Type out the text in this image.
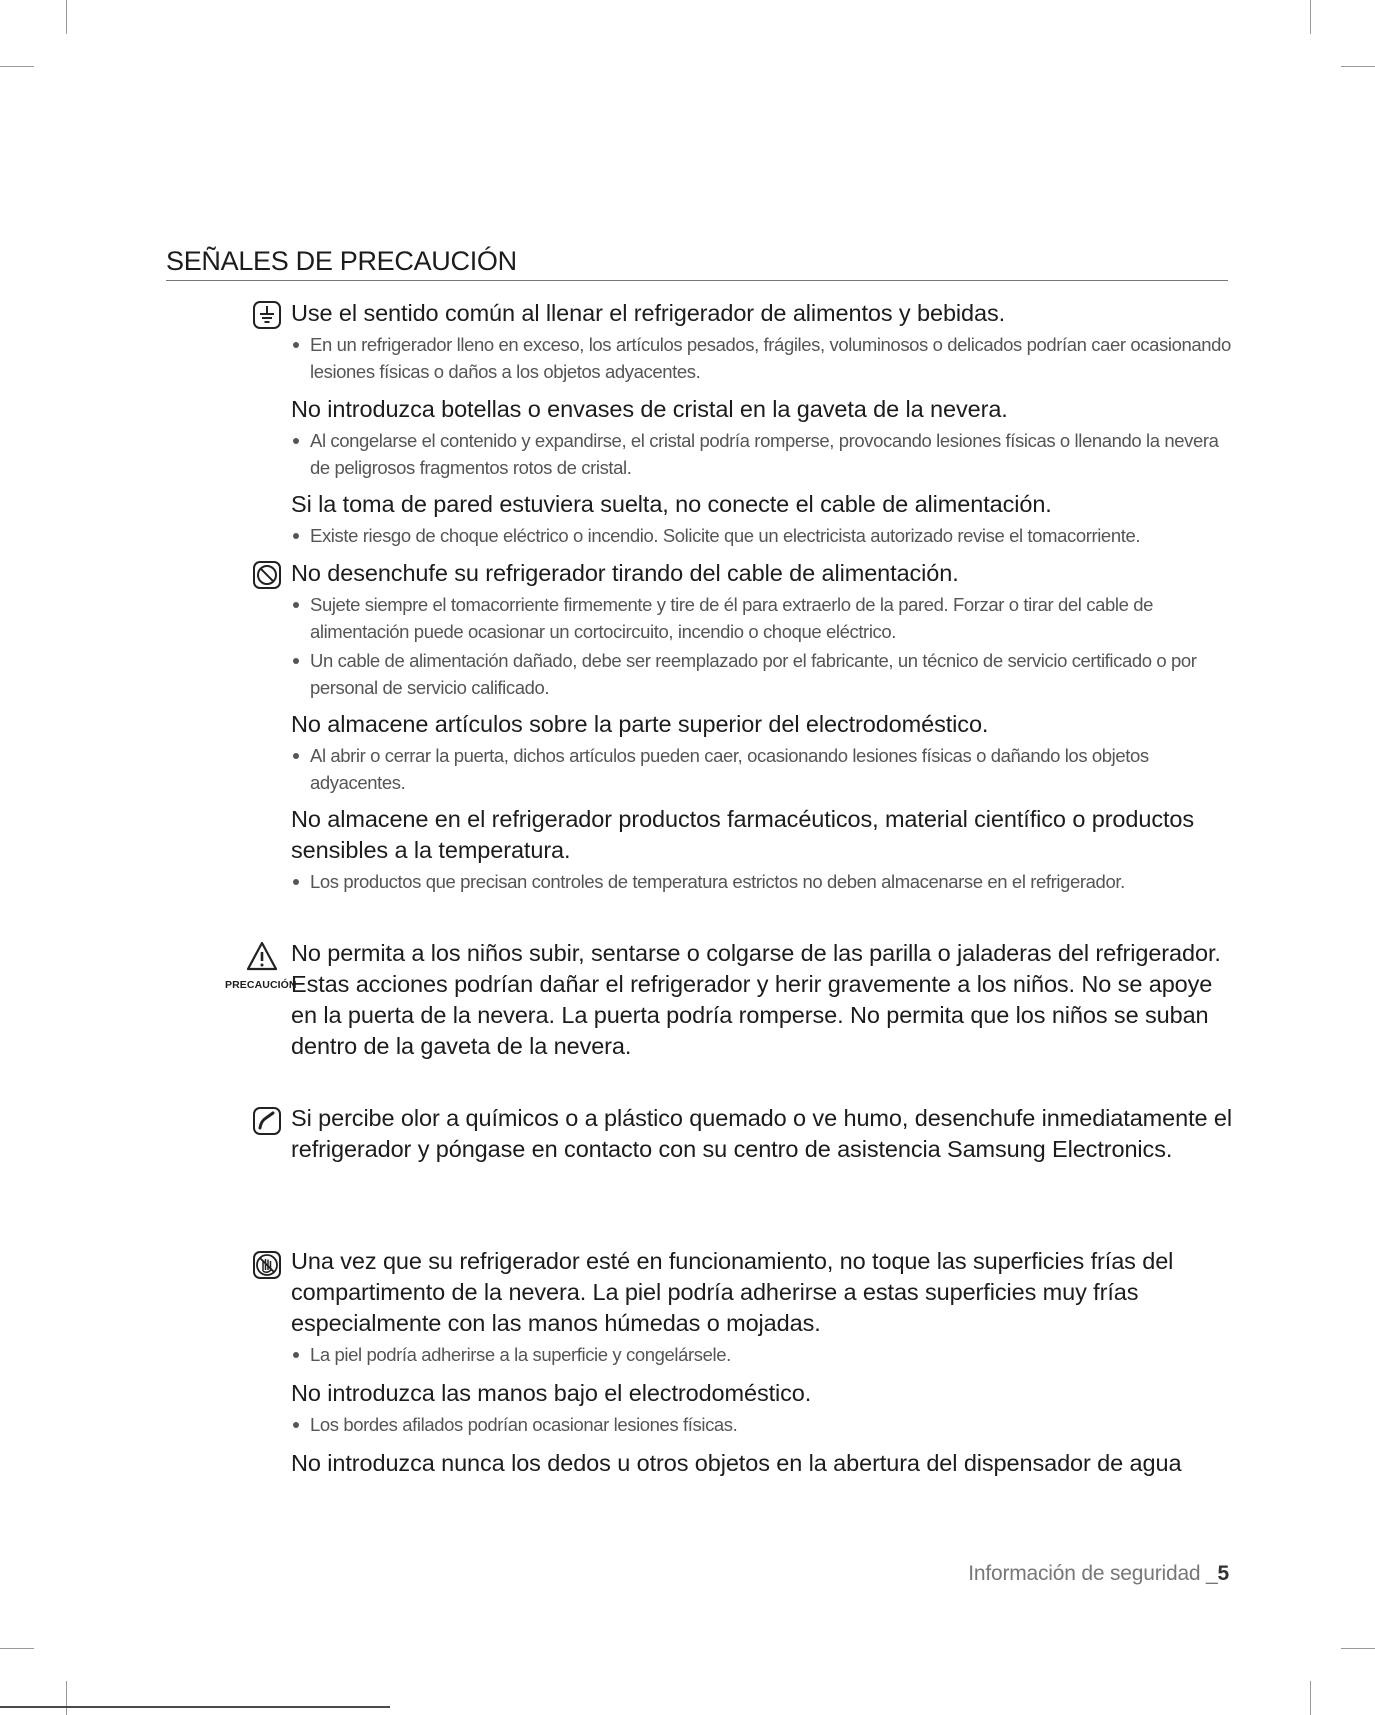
SEÑALES DE PRECAUCIÓN
PRECAUCIÓN

Use el sentido común al llenar el refrigerador de alimentos y bebidas.

En un refrigerador lleno en exceso, los artículos pesados, frágiles, voluminosos o delicados podrían caer ocasionando lesiones físicas o daños a los objetos adyacentes.

No introduzca botellas o envases de cristal en la gaveta de la nevera.

Al congelarse el contenido y expandirse, el cristal podría romperse, provocando lesiones físicas o llenando la nevera de peligrosos fragmentos rotos de cristal.

Si la toma de pared estuviera suelta, no conecte el cable de alimentación.

Existe riesgo de choque eléctrico o incendio. Solicite que un electricista autorizado revise el tomacorriente.

No desenchufe su refrigerador tirando del cable de alimentación.

Sujete siempre el tomacorriente firmemente y tire de él para extraerlo de la pared. Forzar o tirar del cable de alimentación puede ocasionar un cortocircuito, incendio o choque eléctrico.

Un cable de alimentación dañado, debe ser reemplazado por el fabricante, un técnico de servicio certificado o por personal de servicio calificado.

No almacene artículos sobre la parte superior del electrodoméstico.

Al abrir o cerrar la puerta, dichos artículos pueden caer, ocasionando lesiones físicas o dañando los objetos adyacentes.

No almacene en el refrigerador productos farmacéuticos, material científico o productos sensibles a la temperatura.

Los productos que precisan controles de temperatura estrictos no deben almacenarse en el refrigerador.

No permita a los niños subir, sentarse o colgarse de las parilla o jaladeras del refrigerador. Estas acciones podrían dañar el refrigerador y herir gravemente a los niños. No se apoye en la puerta de la nevera. La puerta podría romperse. No permita que los niños se suban dentro de la gaveta de la nevera.

Si percibe olor a químicos o a plástico quemado o ve humo, desenchufe inmediatamente el refrigerador y póngase en contacto con su centro de asistencia Samsung Electronics.

Una vez que su refrigerador esté en funcionamiento, no toque las superficies frías del compartimento de la nevera. La piel podría adherirse a estas superficies muy frías especialmente con las manos húmedas o mojadas.

La piel podría adherirse a la superficie y congelársele.

No introduzca las manos bajo el electrodoméstico.

Los bordes afilados podrían ocasionar lesiones físicas.

No introduzca nunca los dedos u otros objetos en la abertura del dispensador de agua

Información de seguridad _5
